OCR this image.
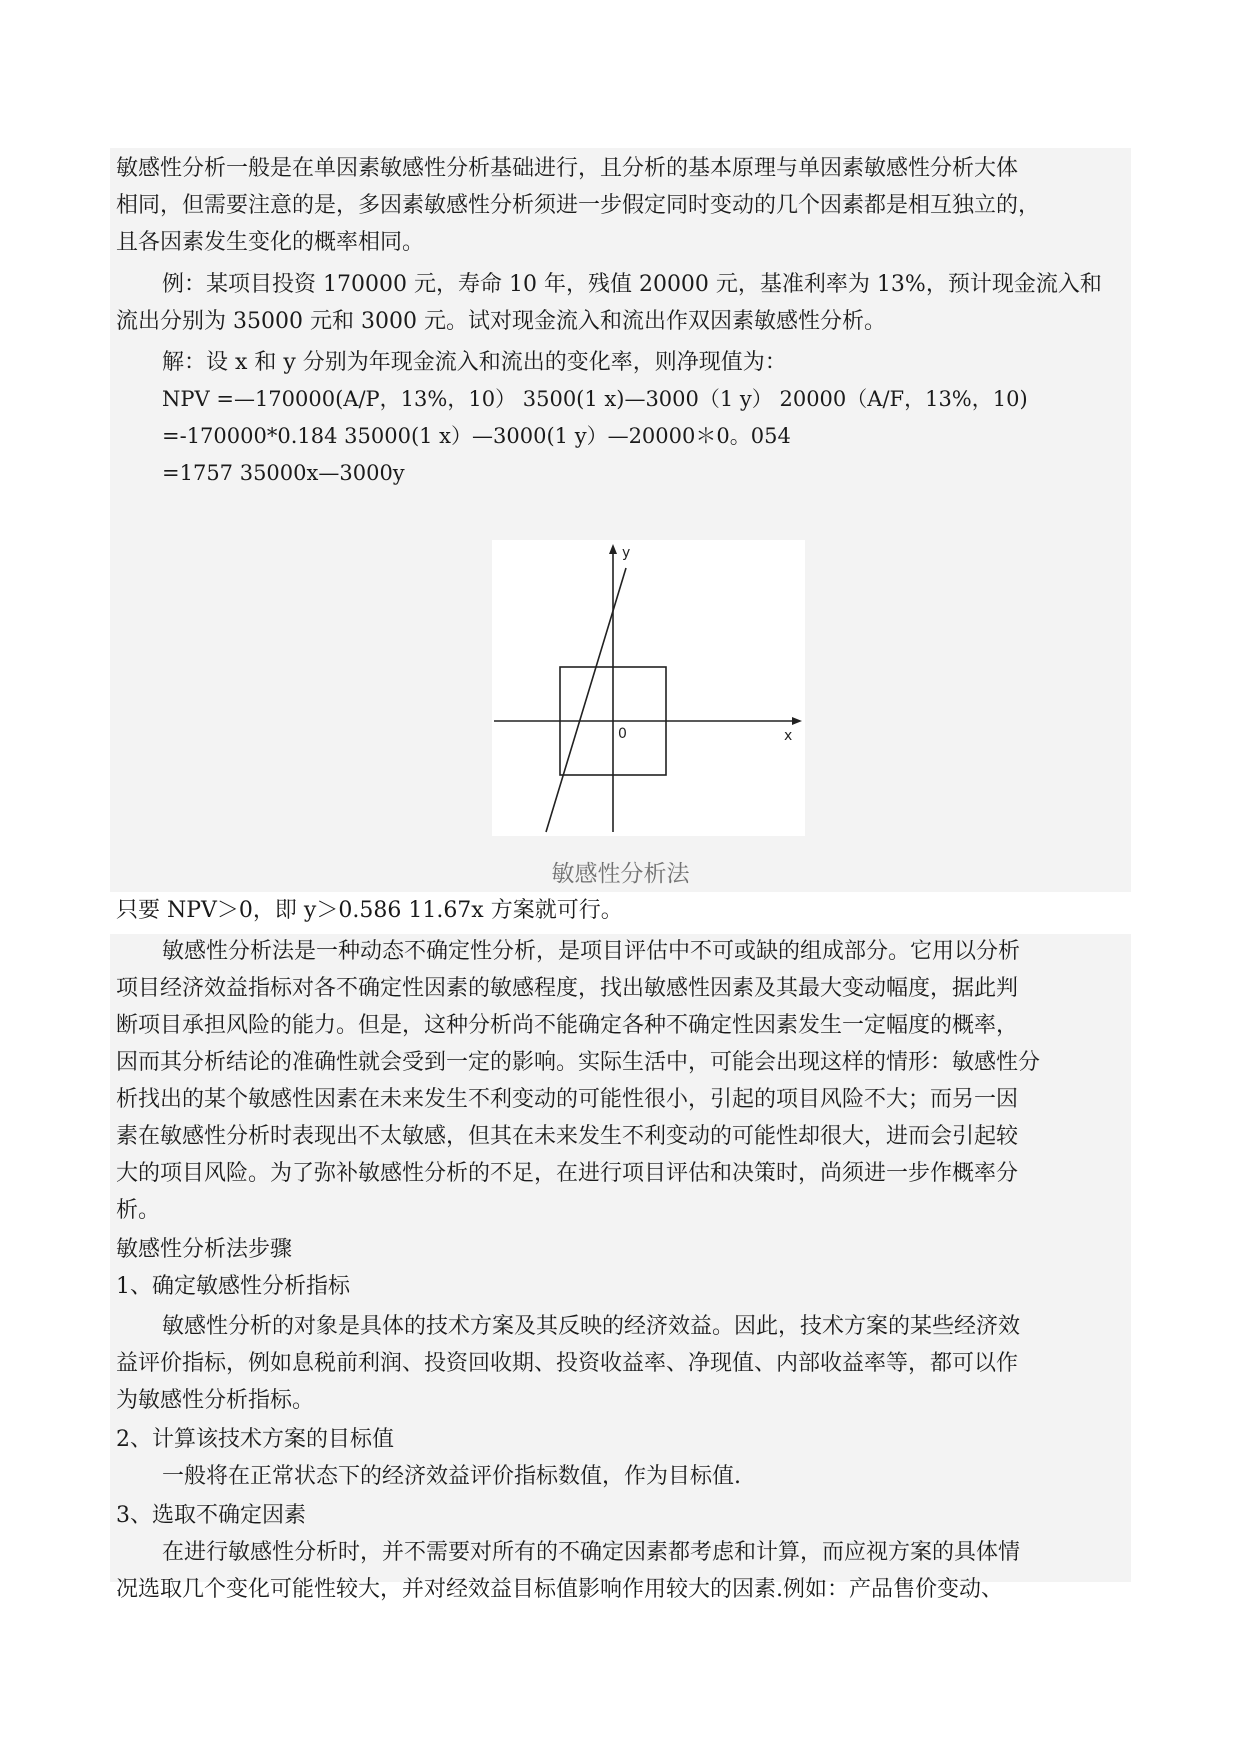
敏感性分析一般是在单因素敏感性分析基础进行，且分析的基本原理与单因素敏感性分析大体
相同，但需要注意的是，多因素敏感性分析须进一步假定同时变动的几个因素都是相互独立的，
且各因素发生变化的概率相同。
例：某项目投资 170000 元，寿命 10 年，残值 20000 元，基准利率为 13%，预计现金流入和
流出分别为 35000 元和 3000 元。试对现金流入和流出作双因素敏感性分析。
解：设 x 和 y 分别为年现金流入和流出的变化率，则净现值为：
NPV =—170000(A/P，13%，10） 3500(1 x)—3000（1 y） 20000（A/F，13%，10)
=-170000*0.184 35000(1 x）—3000(1 y）—20000＊0。054
=1757 35000x—3000y
y
x
0
敏感性分析法
只要 NPV＞0，即 y＞0.586 11.67x 方案就可行。
敏感性分析法是一种动态不确定性分析，是项目评估中不可或缺的组成部分。它用以分析
项目经济效益指标对各不确定性因素的敏感程度，找出敏感性因素及其最大变动幅度，据此判
断项目承担风险的能力。但是，这种分析尚不能确定各种不确定性因素发生一定幅度的概率，
因而其分析结论的准确性就会受到一定的影响。实际生活中，可能会出现这样的情形：敏感性分
析找出的某个敏感性因素在未来发生不利变动的可能性很小，引起的项目风险不大；而另一因
素在敏感性分析时表现出不太敏感，但其在未来发生不利变动的可能性却很大，进而会引起较
大的项目风险。为了弥补敏感性分析的不足，在进行项目评估和决策时，尚须进一步作概率分
析。
敏感性分析法步骤
1、确定敏感性分析指标
敏感性分析的对象是具体的技术方案及其反映的经济效益。因此，技术方案的某些经济效
益评价指标，例如息税前利润、投资回收期、投资收益率、净现值、内部收益率等，都可以作
为敏感性分析指标。
2、计算该技术方案的目标值
一般将在正常状态下的经济效益评价指标数值，作为目标值.
3、选取不确定因素
在进行敏感性分析时，并不需要对所有的不确定因素都考虑和计算，而应视方案的具体情
况选取几个变化可能性较大，并对经效益目标值影响作用较大的因素.例如：产品售价变动、
